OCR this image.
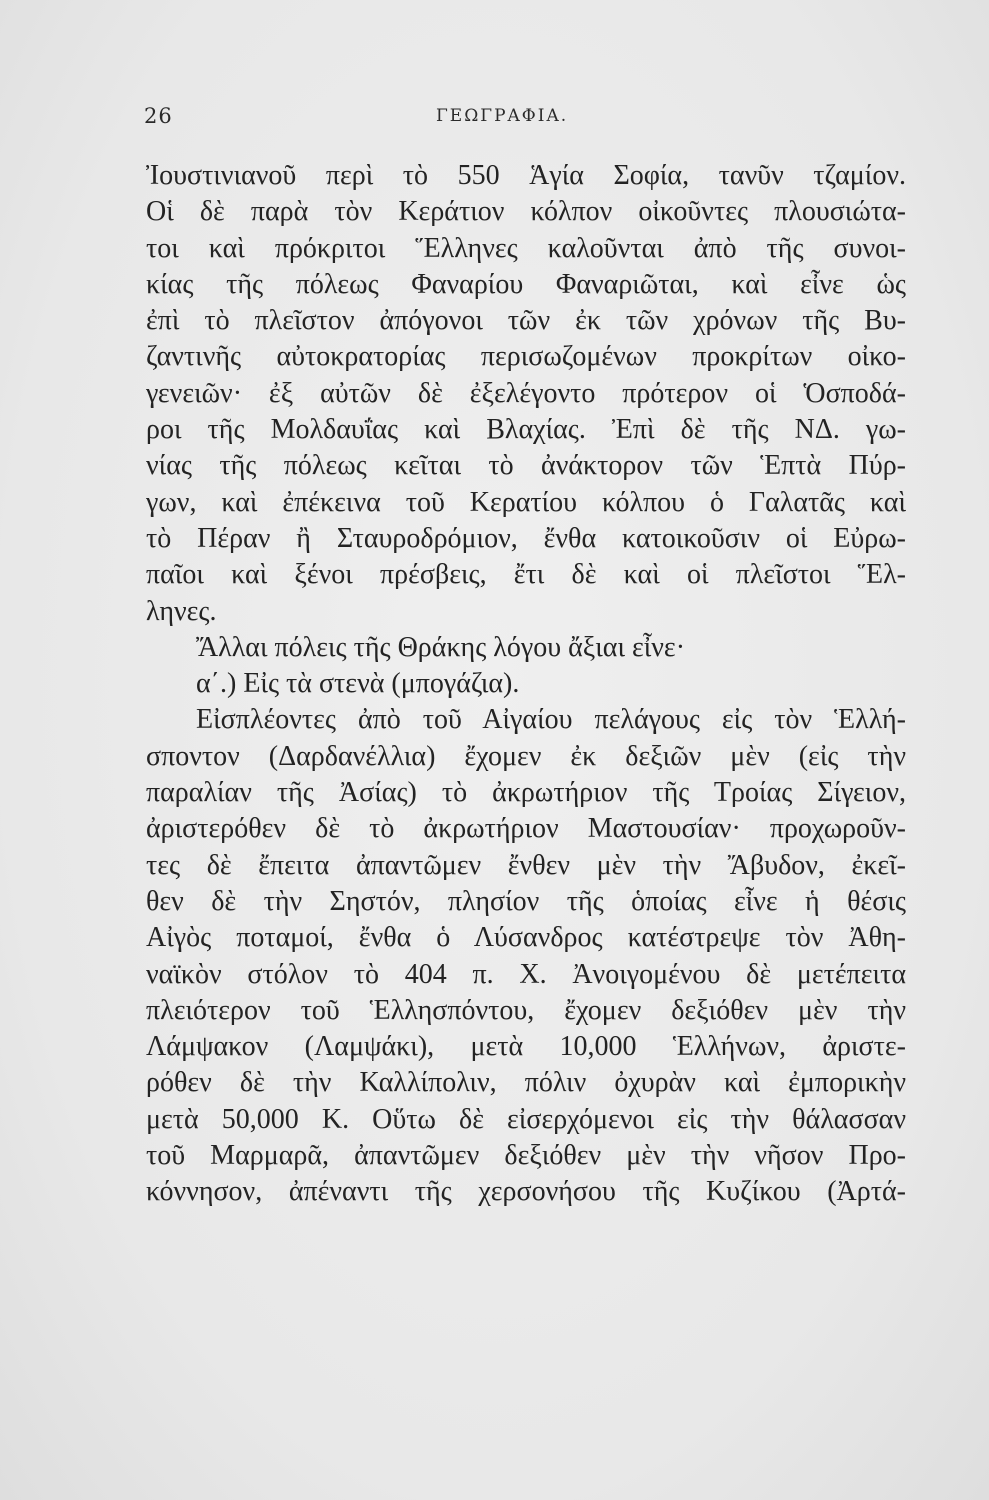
26	ΓΕΩΓΡΑΦΙΑ.
Ἰουστινιανοῦ περὶ τὸ 550 Ἁγία Σοφία, τανῦν τζαμίον.
Οἱ δὲ παρὰ τὸν Κεράτιον κόλπον οἰκοῦντες πλουσιώτα-
τοι καὶ πρόκριτοι Ἕλληνες καλοῦνται ἀπὸ τῆς συνοι-
κίας τῆς πόλεως Φαναρίου Φαναριῶται, καὶ εἶνε ὡς
ἐπὶ τὸ πλεῖστον ἀπόγονοι τῶν ἐκ τῶν χρόνων τῆς Βυ-
ζαντινῆς αὐτοκρατορίας περισωζομένων προκρίτων οἰκο-
γενειῶν· ἐξ αὐτῶν δὲ ἐξελέγοντο πρότερον οἱ Ὁσποδά-
ροι τῆς Μολδαυΐας καὶ Βλαχίας. Ἐπὶ δὲ τῆς ΝΔ. γω-
νίας τῆς πόλεως κεῖται τὸ ἀνάκτορον τῶν Ἑπτὰ Πύρ-
γων, καὶ ἐπέκεινα τοῦ Κερατίου κόλπου ὁ Γαλατᾶς καὶ
τὸ Πέραν ἢ Σταυροδρόμιον, ἔνθα κατοικοῦσιν οἱ Εὐρω-
παῖοι καὶ ξένοι πρέσβεις, ἔτι δὲ καὶ οἱ πλεῖστοι Ἕλ-
ληνες.
Ἄλλαι πόλεις τῆς Θράκης λόγου ἄξιαι εἶνε·
α΄.) Εἰς τὰ στενὰ (μπογάζια).
Εἰσπλέοντες ἀπὸ τοῦ Αἰγαίου πελάγους εἰς τὸν Ἑλλή-
σποντον (Δαρδανέλλια) ἔχομεν ἐκ δεξιῶν μὲν (εἰς τὴν
παραλίαν τῆς Ἀσίας) τὸ ἀκρωτήριον τῆς Τροίας Σίγειον,
ἀριστερόθεν δὲ τὸ ἀκρωτήριον Μαστουσίαν· προχωροῦν-
τες δὲ ἔπειτα ἀπαντῶμεν ἔνθεν μὲν τὴν Ἄβυδον, ἐκεῖ-
θεν δὲ τὴν Σηστόν, πλησίον τῆς ὁποίας εἶνε ἡ θέσις
Αἰγὸς ποταμοί, ἔνθα ὁ Λύσανδρος κατέστρεψε τὸν Ἀθη-
ναϊκὸν στόλον τὸ 404 π. Χ. Ἀνοιγομένου δὲ μετέπειτα
πλειότερον τοῦ Ἑλλησπόντου, ἔχομεν δεξιόθεν μὲν τὴν
Λάμψακον (Λαμψάκι), μετὰ 10,000 Ἑλλήνων, ἀριστε-
ρόθεν δὲ τὴν Καλλίπολιν, πόλιν ὀχυρὰν καὶ ἐμπορικὴν
μετὰ 50,000 Κ. Οὕτω δὲ εἰσερχόμενοι εἰς τὴν θάλασσαν
τοῦ Μαρμαρᾶ, ἀπαντῶμεν δεξιόθεν μὲν τὴν νῆσον Προ-
κόννησον, ἀπέναντι τῆς χερσονήσου τῆς Κυζίκου (Ἀρτά-
